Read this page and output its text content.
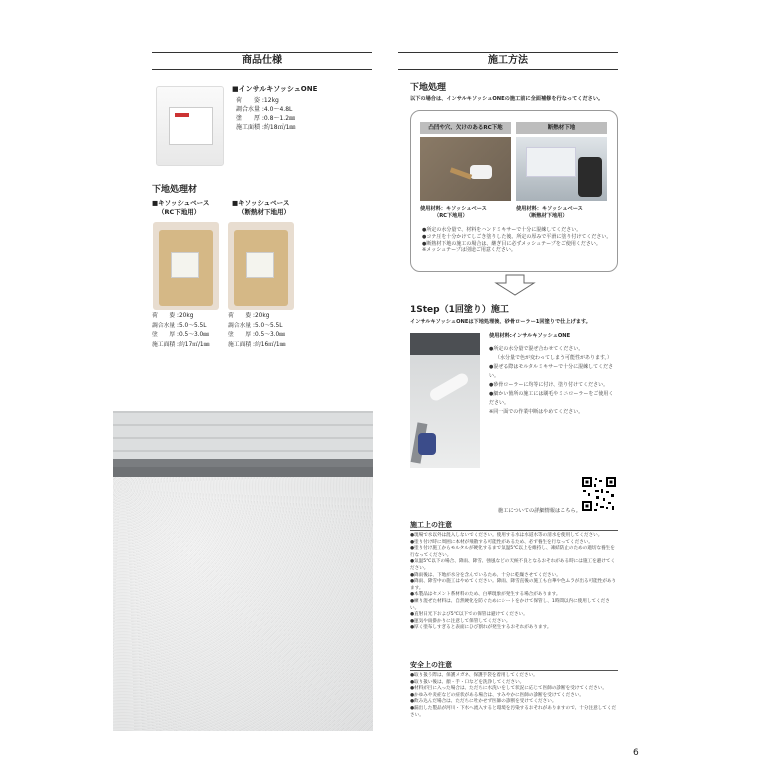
商品仕様
■インサルキソッシュONE
荷　　姿 :12kg
調合水量 :4.0〜4.8L
塗　　厚 :0.8〜1.2㎜
施工面積 :約18㎡/1㎜
下地処理材
■キソッシュベース
（RC下地用）
■キソッシュベース
（断熱材下地用）
荷　　姿 :20kg
調合水量 :5.0〜5.5L
塗　　厚 :0.5〜3.0㎜
施工面積 :約17㎡/1㎜
荷　　姿 :20kg
調合水量 :5.0〜5.5L
塗　　厚 :0.5〜3.0㎜
施工面積 :約16㎡/1㎜
施工方法
下地処理
以下の場合は、インサルキソッシュONEの施工前に全面補修を行なってください。
凸凹や穴、欠けのあるRC下地	断熱材下地
使用材料：キソッシュベース
（RC下地用）
使用材料：キソッシュベース
（断熱材下地用）
●所定の水分量で、材料をハンドミキサーで十分に混練してください。
●コテ圧を十分かけてしごき塗りした後、所定の厚みで平滑に塗り付けてください。
●断熱材下地の施工の場合は、継ぎ目に必ずメッシュテープをご使用ください。
※メッシュテープは別途ご用意ください。
1Step（1回塗り）施工
インサルキソッシュONEは下地処理後、砂骨ローラー1回塗りで仕上げます。
使用材料:インサルキソッシュONE
●所定の水分量で混ぜ合わせてください。
（水分量で色が変わってしまう可能性があります。）
●混ぜる際はモルタルミキサーで十分に混練してください。
●砂骨ローラーに均等に付け、塗り付けてください。
●細かい箇所の施工には刷毛やミニローラーをご使用ください。
※同一面での作業中断はやめてください。
施工についての詳細情報はこちら。
施工上の注意
●現場で水以外は混入しないでください。使用する水は水道水等の清水を使用してください。
●塗り付け時に周囲に本材が飛散する可能性があるため、必ず養生を行なってください。
●塗り付け施工からモルタルが硬化するまで気温5℃以上を維持し、凍結防止のための適切な養生を行なってください。
●気温5℃以下の場合、降雨、降雪、強風などの天候不良となるおそれがある時には施工を避けてください。
●降雨後は、下地が水分を含んでいるため、十分に乾燥させてください。
●降雨、降雪中の施工はやめてください。降雨、降雪直後の施工も白華や色ムラが出る可能性があります。
●本製品はセメント系材料のため、白華現象が発生する場合があります。
●練り混ぜた材料は、自然硬化を防ぐためにシートをかけて保管し、1時間以内に使用してください。
●直射日光下および5℃以下での保管は避けてください。
●運気や雨掛かりに注意して保管してください。
●厚く塗布しすぎると表面にひび割れが発生するおそれがあります。
安全上の注意
●取り扱う際は、保護メガネ、保護手袋を着用してください。
●取り扱い後は、顔・手・口などを洗浄してください。
●材料が目に入った場合は、ただちに水洗いをして状況に応じて医師の診断を受けてください。
●かゆみや炎症などの症状がある場合は、すみやかに医師の診断を受けてください。
●飲み込んだ場合は、ただちに吐かせず医師の診断を受けてください。
●漏出した製品が河川・下水へ流入すると環境を汚染するおそれがありますので、十分注意してください。
6
